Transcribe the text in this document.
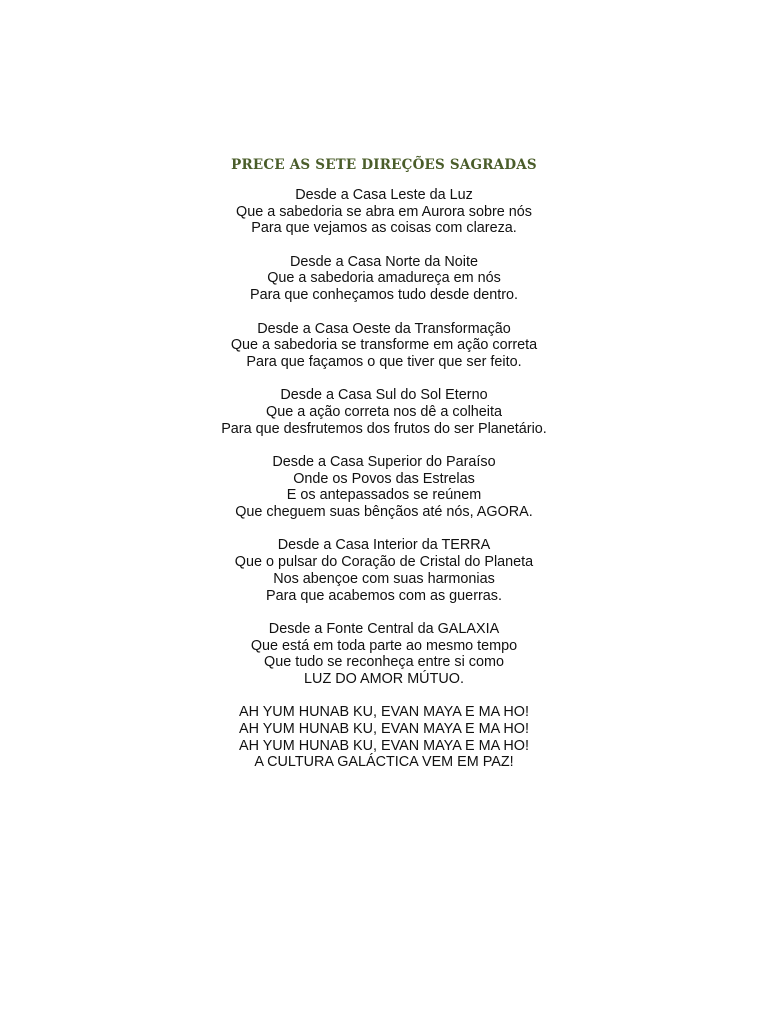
PRECE AS SETE DIREÇÕES SAGRADAS
Desde a Casa Leste da Luz
Que a sabedoria se abra em Aurora sobre nós
Para que vejamos as coisas com clareza.
Desde a Casa Norte da Noite
Que a sabedoria amadureça em nós
Para que conheçamos tudo desde dentro.
Desde a Casa Oeste da Transformação
Que a sabedoria se transforme em ação correta
Para que façamos o que tiver que ser feito.
Desde a Casa Sul do Sol Eterno
Que a ação correta nos dê a colheita
Para que desfrutemos dos frutos do ser Planetário.
Desde a Casa Superior do Paraíso
Onde os Povos das Estrelas
E os antepassados se reúnem
Que cheguem suas bênçãos até nós, AGORA.
Desde a Casa Interior da TERRA
Que o pulsar do Coração de Cristal do Planeta
Nos abençoe com suas harmonias
Para que acabemos com as guerras.
Desde a Fonte Central da GALAXIA
Que está em toda parte ao mesmo tempo
Que tudo se reconheça entre si como
LUZ DO AMOR MÚTUO.
AH YUM HUNAB KU, EVAN MAYA E MA HO!
AH YUM HUNAB KU, EVAN MAYA E MA HO!
AH YUM HUNAB KU, EVAN MAYA E MA HO!
A CULTURA GALÁCTICA VEM EM PAZ!
